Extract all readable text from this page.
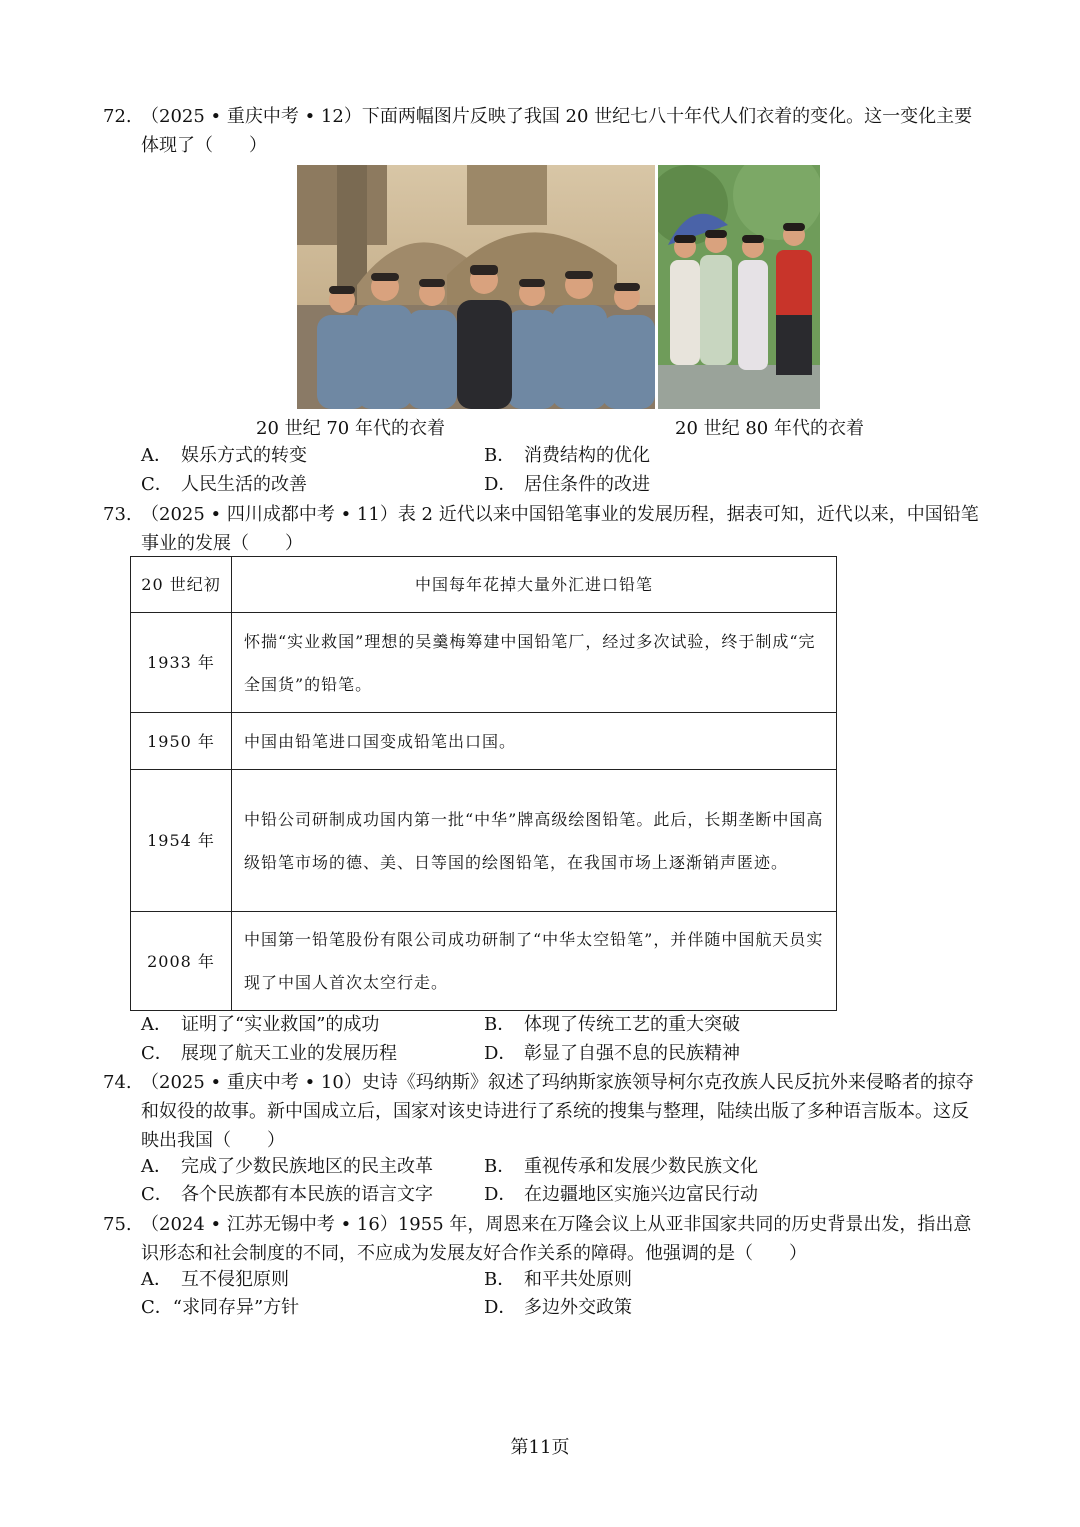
72. （2025 • 重庆中考 • 12）下面两幅图片反映了我国 20 世纪七八十年代人们衣着的变化。这一变化主要体现了（　　）
20 世纪 70 年代的衣着	20 世纪 80 年代的衣着
A． 娱乐方式的转变	B． 消费结构的优化
C． 人民生活的改善	D． 居住条件的改进
73. （2025 • 四川成都中考 • 11）表 2 近代以来中国铅笔事业的发展历程，据表可知，近代以来，中国铅笔事业的发展（　　）
20 世纪初	中国每年花掉大量外汇进口铅笔
1933 年	怀揣“实业救国”理想的吴羹梅筹建中国铅笔厂，经过多次试验，终于制成“完全国货”的铅笔。
1950 年	中国由铅笔进口国变成铅笔出口国。
1954 年	中铅公司研制成功国内第一批“中华”牌高级绘图铅笔。此后，长期垄断中国高级铅笔市场的德、美、日等国的绘图铅笔，在我国市场上逐渐销声匿迹。
2008 年	中国第一铅笔股份有限公司成功研制了“中华太空铅笔”，并伴随中国航天员实现了中国人首次太空行走。
A． 证明了“实业救国”的成功	B． 体现了传统工艺的重大突破
C． 展现了航天工业的发展历程	D． 彰显了自强不息的民族精神
74. （2025 • 重庆中考 • 10）史诗《玛纳斯》叙述了玛纳斯家族领导柯尔克孜族人民反抗外来侵略者的掠夺和奴役的故事。新中国成立后，国家对该史诗进行了系统的搜集与整理，陆续出版了多种语言版本。这反映出我国（　　）
A． 完成了少数民族地区的民主改革	B． 重视传承和发展少数民族文化
C． 各个民族都有本民族的语言文字	D． 在边疆地区实施兴边富民行动
75. （2024 • 江苏无锡中考 • 16）1955 年，周恩来在万隆会议上从亚非国家共同的历史背景出发，指出意识形态和社会制度的不同，不应成为发展友好合作关系的障碍。他强调的是（　　）
A． 互不侵犯原则	B． 和平共处原则
C．“求同存异”方针	D． 多边外交政策
第11页
